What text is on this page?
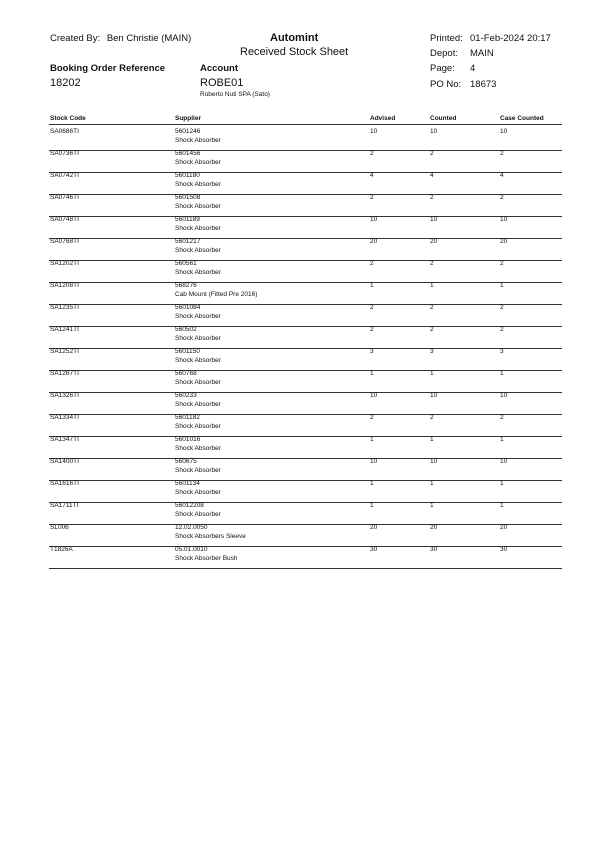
Created By: Ben Christie (MAIN)	Automint
Received Stock Sheet
Printed: 01-Feb-2024 20:17
Depot: MAIN
Booking Order Reference	Account	Page: 4
18202	ROBE01	PO No: 18673
Roberto Nuti SPA (Sato)
Stock Code	Supplier	Advised	Counted	Case Counted
SA0686TI	5601246
Shock Absorber
10	10	10
SA0736TI	5601456
Shock Absorber
2	2	2
SA0742TI	5601180
Shock Absorber
4	4	4
SA0746TI	5601508
Shock Absorber
2	2	2
SA0748TI	5601189
Shock Absorber
10	10	10
SA0768TI	5601217
Shock Absorber
20	20	20
SA1202TI	560561
Shock Absorber
2	2	2
SA1208TI	568276
Cab Mount (Fitted Pre 2016)
1	1	1
SA1235TI	5601084
Shock Absorber
2	2	2
SA1241TI	560502
Shock Absorber
2	2	2
SA1252TI	5601150
Shock Absorber
3	3	3
SA1267TI	560768
Shock Absorber
1	1	1
SA1326TI	560233
Shock Absorber
10	10	10
SA1334TI	5601182
Shock Absorber
2	2	2
SA1347TI	5601016
Shock Absorber
1	1	1
SA1400TI	560675
Shock Absorber
10	10	10
SA1616TI	5601134
Shock Absorber
1	1	1
SA1711TI	56012208
Shock Absorber
1	1	1
SL006	12.02.0050
Shock Absorbers Sleeve
20	20	20
T1826A	05.01.0010
Shock Absorber Bush
30	30	30
